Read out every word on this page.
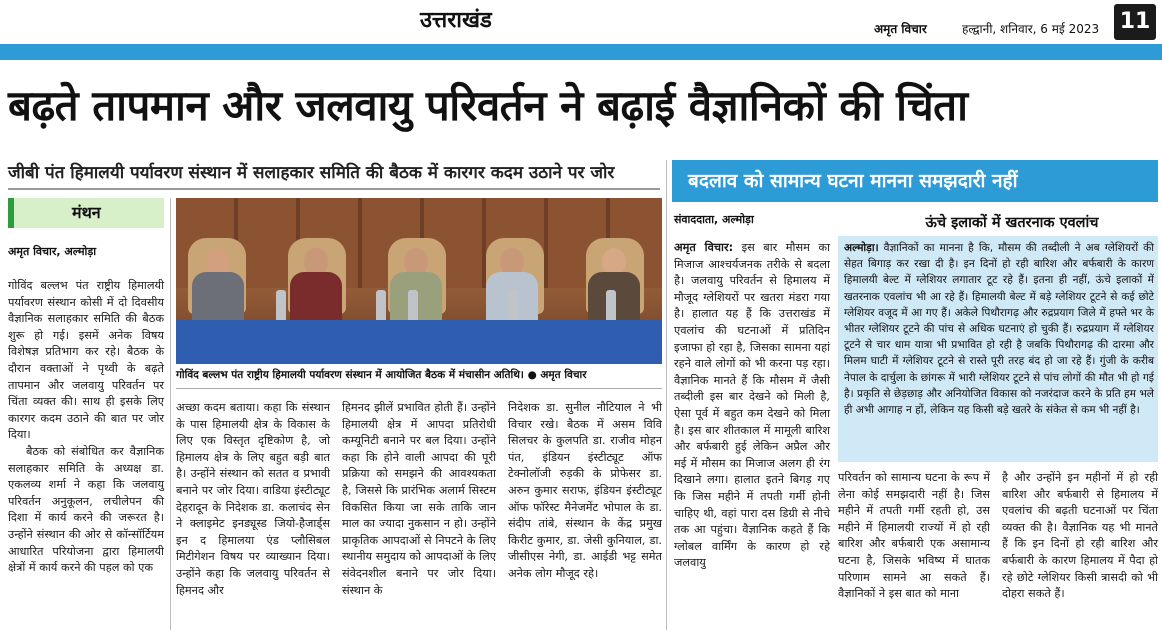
उत्तराखंड	अमृत विचार	हल्द्वानी, शनिवार, 6 मई 2023 11
बढ़ते तापमान और जलवायु परिवर्तन ने बढ़ाई वैज्ञानिकों की चिंता
जीबी पंत हिमालयी पर्यावरण संस्थान में सलाहकार समिति की बैठक में कारगर कदम उठाने पर जोर	बदलाव को सामान्य घटना मानना समझदारी नहीं
मंथन
अमृत विचार, अल्मोड़ा
गोविंद बल्लभ पंत राष्ट्रीय हिमालयी पर्यावरण संस्थान में आयोजित बैठक में मंचासीन अतिथि। ● अमृत विचार

गोविंद बल्लभ पंत राष्ट्रीय हिमालयी पर्यावरण संस्थान कोसी में दो दिवसीय वैज्ञानिक सलाहकार समिति की बैठक शुरू हो गई। इसमें अनेक विषय विशेषज्ञ प्रतिभाग कर रहे। बैठक के दौरान वक्ताओं ने पृथ्वी के बढ़ते तापमान और जलवायु परिवर्तन पर चिंता व्यक्त की। साथ ही इसके लिए कारगर कदम उठाने की बात पर जोर दिया।

बैठक को संबोधित कर वैज्ञानिक सलाहकार समिति के अध्यक्ष डा. एकलव्य शर्मा ने कहा कि जलवायु परिवर्तन अनुकूलन, लचीलेपन की दिशा में कार्य करने की जरूरत है। उन्होंने संस्थान की ओर से कॉन्सॉर्टियम आधारित परियोजना द्वारा हिमालयी क्षेत्रों में कार्य करने की पहल को एक

अच्छा कदम बताया। कहा कि संस्थान के पास हिमालयी क्षेत्र के विकास के लिए एक विस्तृत दृष्टिकोण है, जो हिमालय क्षेत्र के लिए बहुत बड़ी बात है। उन्होंने संस्थान को सतत व प्रभावी बनाने पर जोर दिया। वाडिया इंस्टीट्यूट देहरादून के निदेशक डा. कलाचंद सेन ने क्लाइमेट इनड्यूस्ड जियो-हैजार्ड्स इन द हिमालया एंड प्लौसिबल मिटीगेशन विषय पर व्याख्यान दिया। उन्होंने कहा कि जलवायु परिवर्तन से हिमनद और

हिमनद झीलें प्रभावित होती हैं। उन्होंने हिमालयी क्षेत्र में आपदा प्रतिरोधी कम्यूनिटी बनाने पर बल दिया। उन्होंने कहा कि होने वाली आपदा की पूरी प्रक्रिया को समझने की आवश्यकता है, जिससे कि प्रारंभिक अलार्म सिस्टम विकसित किया जा सके ताकि जान माल का ज्यादा नुकसान न हो। उन्होंने प्राकृतिक आपदाओं से निपटने के लिए स्थानीय समुदाय को आपदाओं के लिए संवेदनशील बनाने पर जोर दिया। संस्थान के

निदेशक डा. सुनील नौटियाल ने भी विचार रखे। बैठक में असम विवि सिलचर के कुलपति डा. राजीव मोहन पंत, इंडियन इंस्टीट्यूट ऑफ टेक्नोलॉजी रुड़की के प्रोफेसर डा. अरुन कुमार सराफ, इंडियन इंस्टीट्यूट ऑफ फॉरेस्ट मैनेजमेंट भोपाल के डा. संदीप तांबे, संस्थान के केंद्र प्रमुख किरीट कुमार, डा. जेसी कुनियाल, डा. जीसीएस नेगी, डा. आईडी भट्ट समेत अनेक लोग मौजूद रहे।

संवाददाता, अल्मोड़ा

अमृत विचार: इस बार मौसम का मिजाज आश्चर्यजनक तरीके से बदला है। जलवायु परिवर्तन से हिमालय में मौजूद ग्लेशियरों पर खतरा मंडरा गया है। हालात यह हैं कि उत्तराखंड में एवलांच की घटनाओं में प्रतिदिन इजाफा हो रहा है, जिसका सामना यहां रहने वाले लोगों को भी करना पड़ रहा। वैज्ञानिक मानते हैं कि मौसम में जैसी तब्दीली इस बार देखने को मिली है, ऐसा पूर्व में बहुत कम देखने को मिला है। इस बार शीतकाल में मामूली बारिश और बर्फबारी हुई लेकिन अप्रैल और मई में मौसम का मिजाज अलग ही रंग दिखाने लगा। हालात इतने बिगड़ गए कि जिस महीने में तपती गर्मी होनी चाहिए थी, वहां पारा दस डिग्री से नीचे तक आ पहुंचा। वैज्ञानिक कहते हैं कि ग्लोबल वार्मिंग के कारण हो रहे जलवायु

ऊंचे इलाकों में खतरनाक एवलांच
अल्मोड़ा। वैज्ञानिकों का मानना है कि, मौसम की तब्दीली ने अब ग्लेशियरों की सेहत बिगाड़ कर रखा दी है। इन दिनों हो रही बारिश और बर्फबारी के कारण हिमालयी बेल्ट में ग्लेशियर लगातार टूट रहे हैं। इतना ही नहीं, ऊंचे इलाकों में खतरनाक एवलांच भी आ रहे हैं। हिमालयी बेल्ट में बड़े ग्लेशियर टूटने से कई छोटे ग्लेशियर वजूद में आ गए हैं। अकेले पिथौरागढ़ और रुद्रप्रयाग जिले में हफ्ते भर के भीतर ग्लेशियर टूटने की पांच से अधिक घटनाएं हो चुकी हैं। रुद्रप्रयाग में ग्लेशियर टूटने से चार धाम यात्रा भी प्रभावित हो रही है जबकि पिथौरागढ़ की दारमा और मिलम घाटी में ग्लेशियर टूटने से रास्ते पूरी तरह बंद हो जा रहे हैं। गुंजी के करीब नेपाल के दार्चुला के छांगरू में भारी ग्लेशियर टूटने से पांच लोगों की मौत भी हो गई है। प्रकृति से छेड़छाड़ और अनियोजित विकास को नजरंदाज करने के प्रति हम भले ही अभी आगाह न हों, लेकिन यह किसी बड़े खतरे के संकेत से कम भी नहीं है।

परिवर्तन को सामान्य घटना के रूप में लेना कोई समझदारी नहीं है। जिस महीने में तपती गर्मी रहती हो, उस महीने में हिमालयी राज्यों में हो रही बारिश और बर्फबारी एक असामान्य घटना है, जिसके भविष्य में घातक परिणाम सामने आ सकते हैं। वैज्ञानिकों ने इस बात को माना

है और उन्होंने इन महीनों में हो रही बारिश और बर्फबारी से हिमालय में एवलांच की बढ़ती घटनाओं पर चिंता व्यक्त की है। वैज्ञानिक यह भी मानते हैं कि इन दिनों हो रही बारिश और बर्फबारी के कारण हिमालय में पैदा हो रहे छोटे ग्लेशियर किसी त्रासदी को भी दोहरा सकते हैं।
